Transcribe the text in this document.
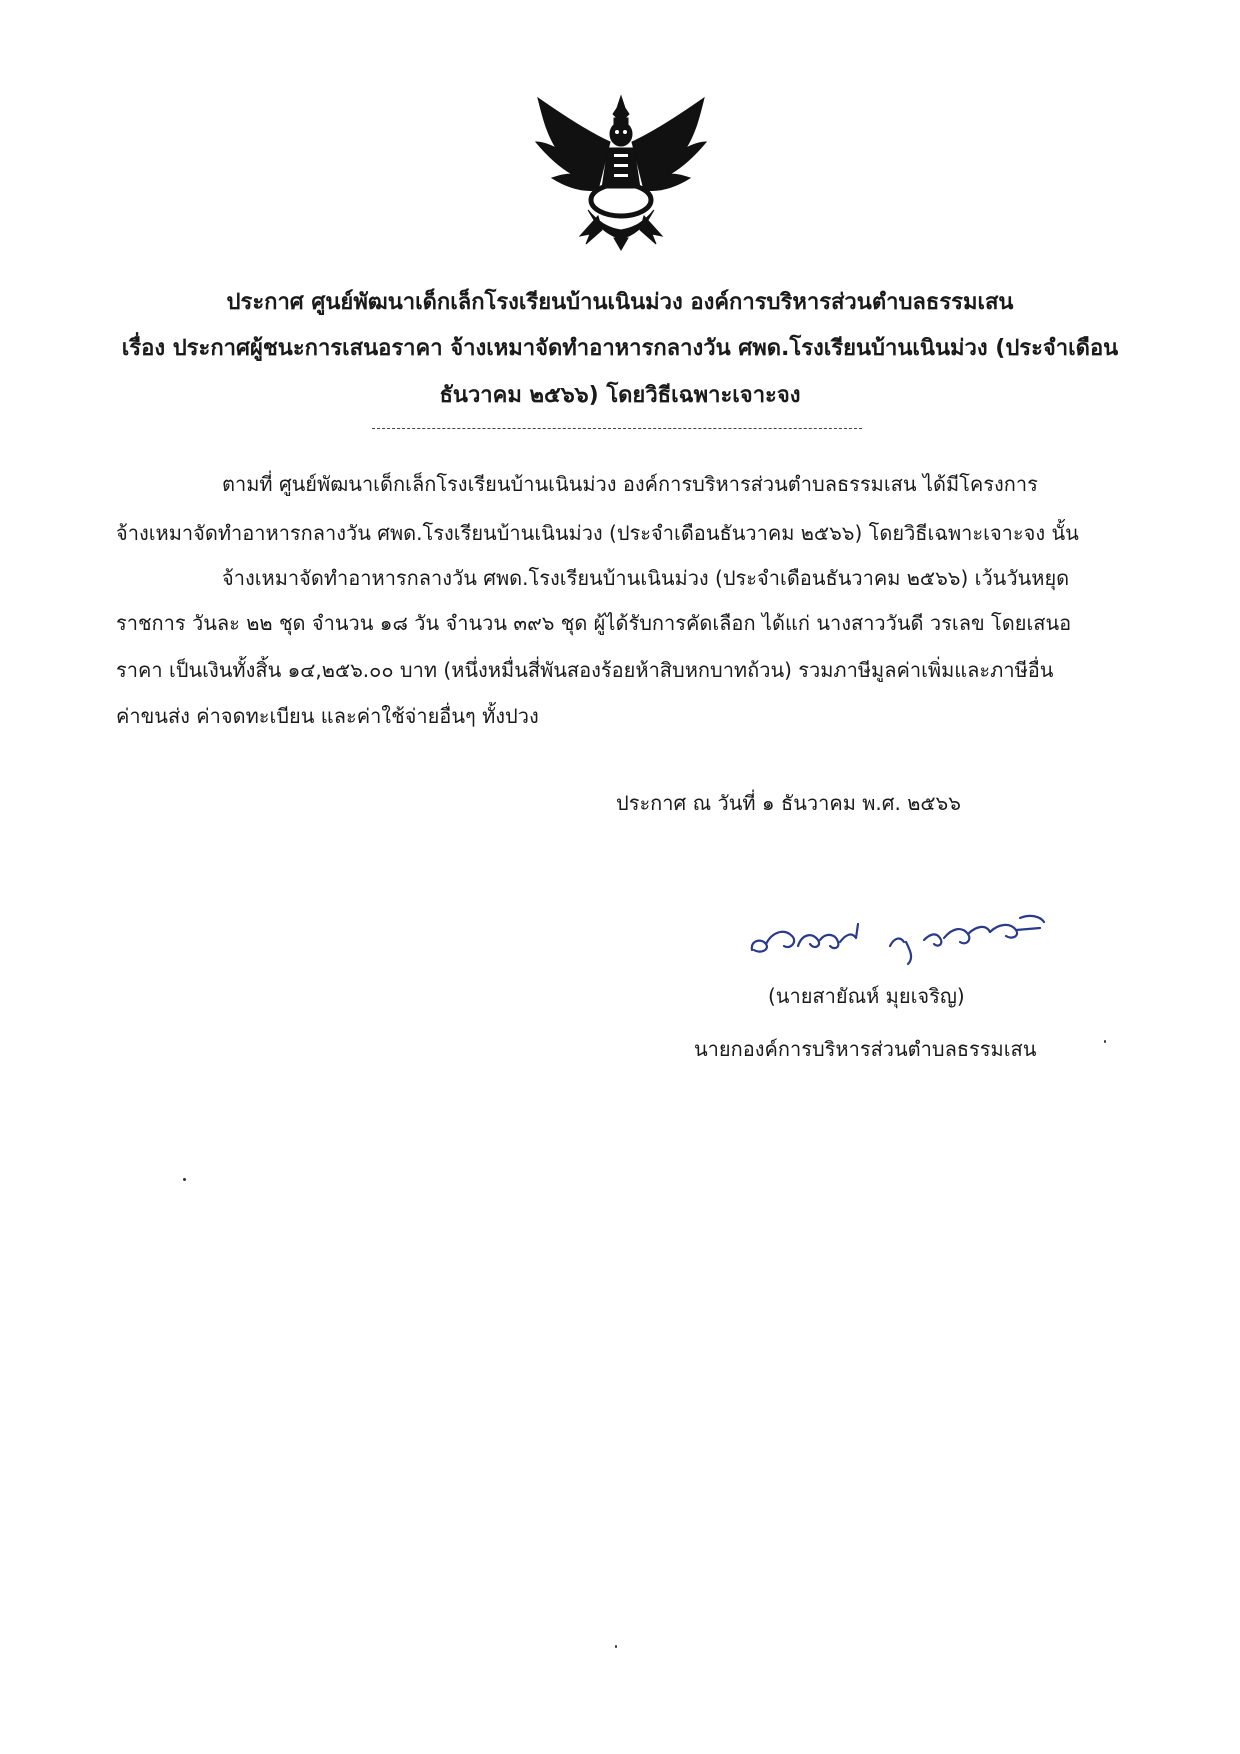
ประกาศ ศูนย์พัฒนาเด็กเล็กโรงเรียนบ้านเนินม่วง องค์การบริหารส่วนตำบลธรรมเสน
เรื่อง ประกาศผู้ชนะการเสนอราคา จ้างเหมาจัดทำอาหารกลางวัน ศพด.โรงเรียนบ้านเนินม่วง (ประจำเดือน
ธันวาคม ๒๕๖๖) โดยวิธีเฉพาะเจาะจง
ตามที่ ศูนย์พัฒนาเด็กเล็กโรงเรียนบ้านเนินม่วง องค์การบริหารส่วนตำบลธรรมเสน ได้มีโครงการ
จ้างเหมาจัดทำอาหารกลางวัน ศพด.โรงเรียนบ้านเนินม่วง (ประจำเดือนธันวาคม ๒๕๖๖) โดยวิธีเฉพาะเจาะจง นั้น
จ้างเหมาจัดทำอาหารกลางวัน ศพด.โรงเรียนบ้านเนินม่วง (ประจำเดือนธันวาคม ๒๕๖๖) เว้นวันหยุด
ราชการ วันละ ๒๒ ชุด จำนวน ๑๘ วัน จำนวน ๓๙๖ ชุด ผู้ได้รับการคัดเลือก ได้แก่ นางสาววันดี วรเลข โดยเสนอ
ราคา เป็นเงินทั้งสิ้น ๑๔,๒๕๖.๐๐ บาท (หนึ่งหมื่นสี่พันสองร้อยห้าสิบหกบาทถ้วน) รวมภาษีมูลค่าเพิ่มและภาษีอื่น
ค่าขนส่ง ค่าจดทะเบียน และค่าใช้จ่ายอื่นๆ ทั้งปวง
ประกาศ ณ วันที่ ๑ ธันวาคม พ.ศ. ๒๕๖๖
(นายสายัณห์ มุยเจริญ)
นายกองค์การบริหารส่วนตำบลธรรมเสน
